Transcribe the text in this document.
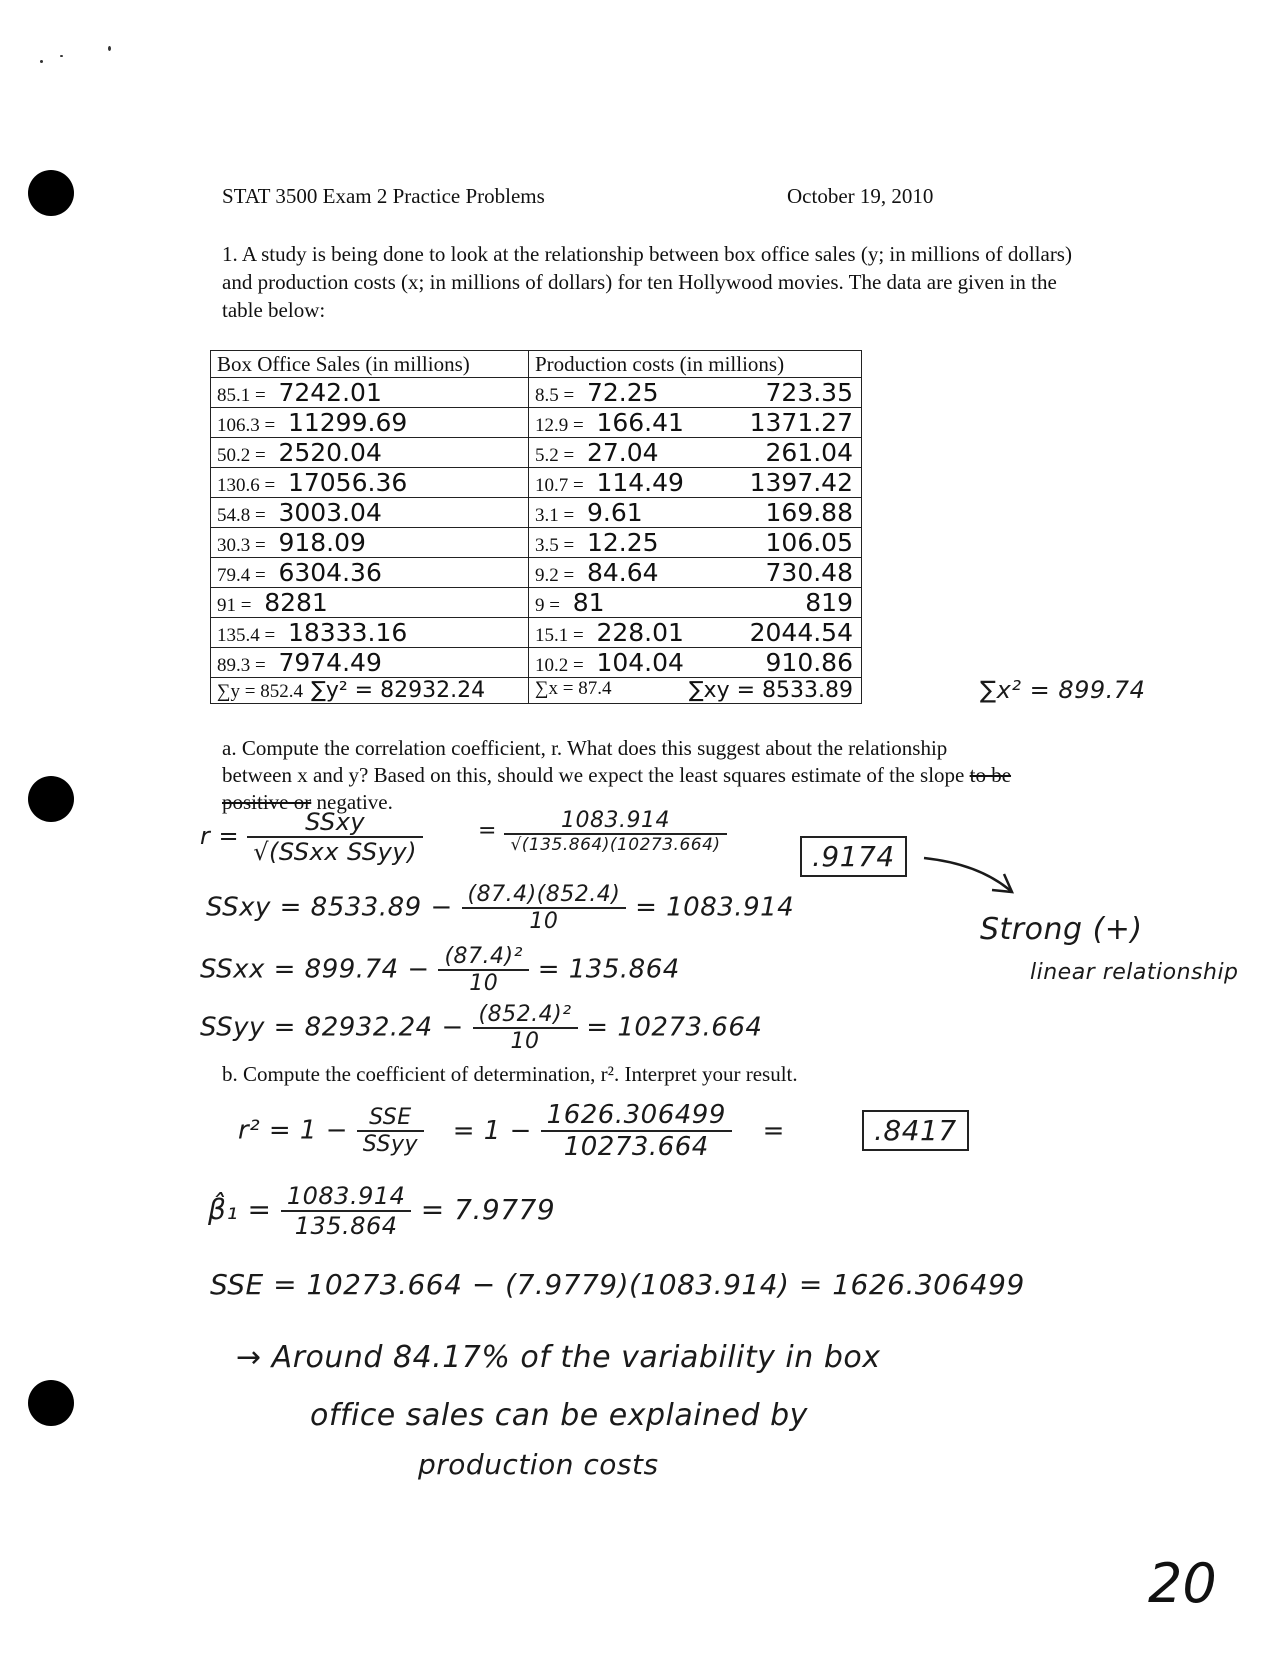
STAT 3500 Exam 2 Practice Problems	October 19, 2010
1. A study is being done to look at the relationship between box office sales (y; in millions of dollars) and production costs (x; in millions of dollars) for ten Hollywood movies. The data are given in the table below:
Box Office Sales (in millions)	Production costs (in millions)
85.1 = 7242.01	8.5 = 72.25 723.35

106.3 = 11299.69	12.9 = 166.41 1371.27

50.2 = 2520.04	5.2 = 27.04 261.04

130.6 = 17056.36	10.7 = 114.49 1397.42

54.8 = 3003.04	3.1 = 9.61 169.88

30.3 = 918.09	3.5 = 12.25 106.05

79.4 = 6304.36	9.2 = 84.64 730.48

91 = 8281	9 = 81 819

135.4 = 18333.16	15.1 = 228.01 2044.54

89.3 = 7974.49	10.2 = 104.04 910.86

∑y = 852.4 ∑y² = 82932.24	∑x = 87.4 ∑xy = 8533.89	∑x² = 899.74
a. Compute the correlation coefficient, r. What does this suggest about the relationship between x and y? Based on this, should we expect the least squares estimate of the slope to be positive or negative.
$r = \frac{\text{SSxy}}{\text{√(SSxx SSyy)}}$	= $\frac{1083.914}{√(135.864)(10273.664)}$
.9174
Strong (+)
linear relationship
SSxy = $8533.89 - \frac{(87.4)(852.4)}{10} = 1083.914$
SSxx = $899.74 - \frac{\text{(87.4)²}}{10} = 135.864$
SSyy = $82932.24 - \frac{\text{(852.4)²}}{10} = 10273.664$
b. Compute the coefficient of determination, r². Interpret your result.
$r^2 = 1 - \frac{\text{SSE}}{\text{SSyy}} = 1 - \frac{1626.306499}{10273.664}$ =	.8417
β̂₁ = $\frac{1083.914}{135.864} = 7.9779$
SSE = 10273.664 − (7.9779)(1083.914) = 1626.306499
→ Around 84.17% of the variability in box
office sales can be explained by
production costs
20
